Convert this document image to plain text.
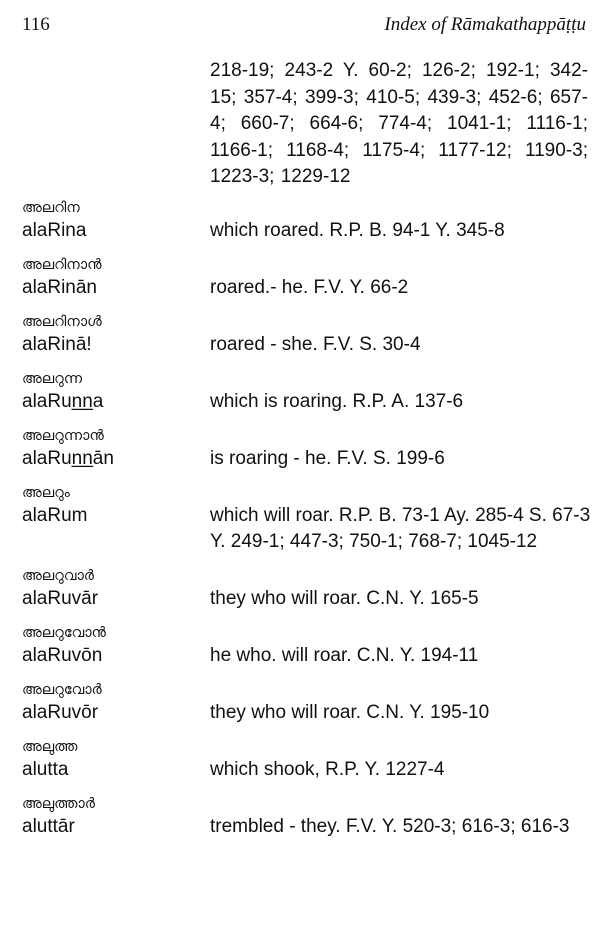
116	Index of Rāmakathappāṭṭu
218-19; 243-2 Y. 60-2; 126-2; 192-1; 342-15; 357-4; 399-3; 410-5; 439-3; 452-6; 657-4; 660-7; 664-6; 774-4; 1041-1; 1116-1; 1166-1; 1168-4; 1175-4; 1177-12; 1190-3; 1223-3; 1229-12
അലറിന
alaRina	which roared. R.P. B. 94-1 Y. 345-8
അലറിനാൻ
alaRinān	roared.- he. F.V. Y. 66-2
അലറിനാൾ
alaRinā!	roared - she. F.V. S. 30-4
അലറുന്ന
alaRun̲n̲a	which is roaring. R.P. A. 137-6
അലറുന്നാൻ
alaRun̲n̲ān	is roaring - he. F.V. S. 199-6
അലറും
alaRum	which will roar. R.P. B. 73-1 Ay. 285-4 S. 67-3 Y. 249-1; 447-3; 750-1; 768-7; 1045-12
അലറുവാർ
alaRuvār	they who will roar. C.N. Y. 165-5
അലറുവോൻ
alaRuvōn	he who. will roar. C.N. Y. 194-11
അലറുവോർ
alaRuvōr	they who will roar. C.N. Y. 195-10
അലുത്ത
alutta	which shook, R.P. Y. 1227-4
അലുത്താർ
aluttār	trembled - they. F.V. Y. 520-3; 616-3; 616-3
